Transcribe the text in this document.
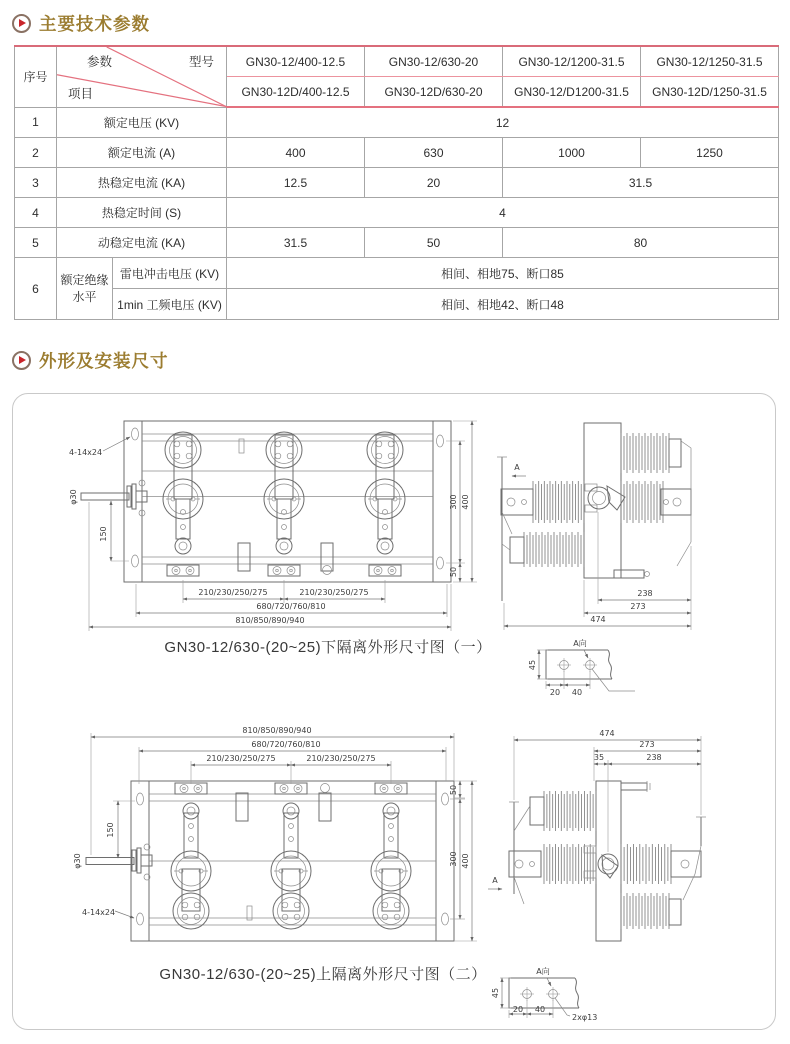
主要技术参数
序号	参数 型号
项目		GN30-12/400-12.5	GN30-12/630-20	GN30-12/1200-31.5	GN30-12/1250-31.5
			GN30-12D/400-12.5	GN30-12D/630-20	GN30-12/D1200-31.5	GN30-12D/1250-31.5
1	额定电压 (KV)		12			
2	额定电流 (A)		400	630	1000	1250
3	热稳定电流 (KA)		12.5	20	31.5	
4	热稳定时间 (S)		4			
5	动稳定电流 (KA)		31.5	50	80	
6	额定绝缘水平	雷电冲击电压 (KV)	相间、相地75、断口85			
		1min 工频电压 (KV)	相间、相地42、断口48			
外形及安装尺寸
4-14x24
150
φ30	300 400
50
210/230/250/275	210/230/250/275
680/720/760/810
810/850/890/940
A
238
273
474
A向
45
20 40
GN30-12/630-(20~25)下隔离外形尺寸图（一）
810/850/890/940
680/720/760/810
210/230/250/275	210/230/250/275
50
300 400
150
φ30
4-14x24
A
474
273
35	238
A向
45
20 40
2xφ13
GN30-12/630-(20~25)上隔离外形尺寸图（二）
